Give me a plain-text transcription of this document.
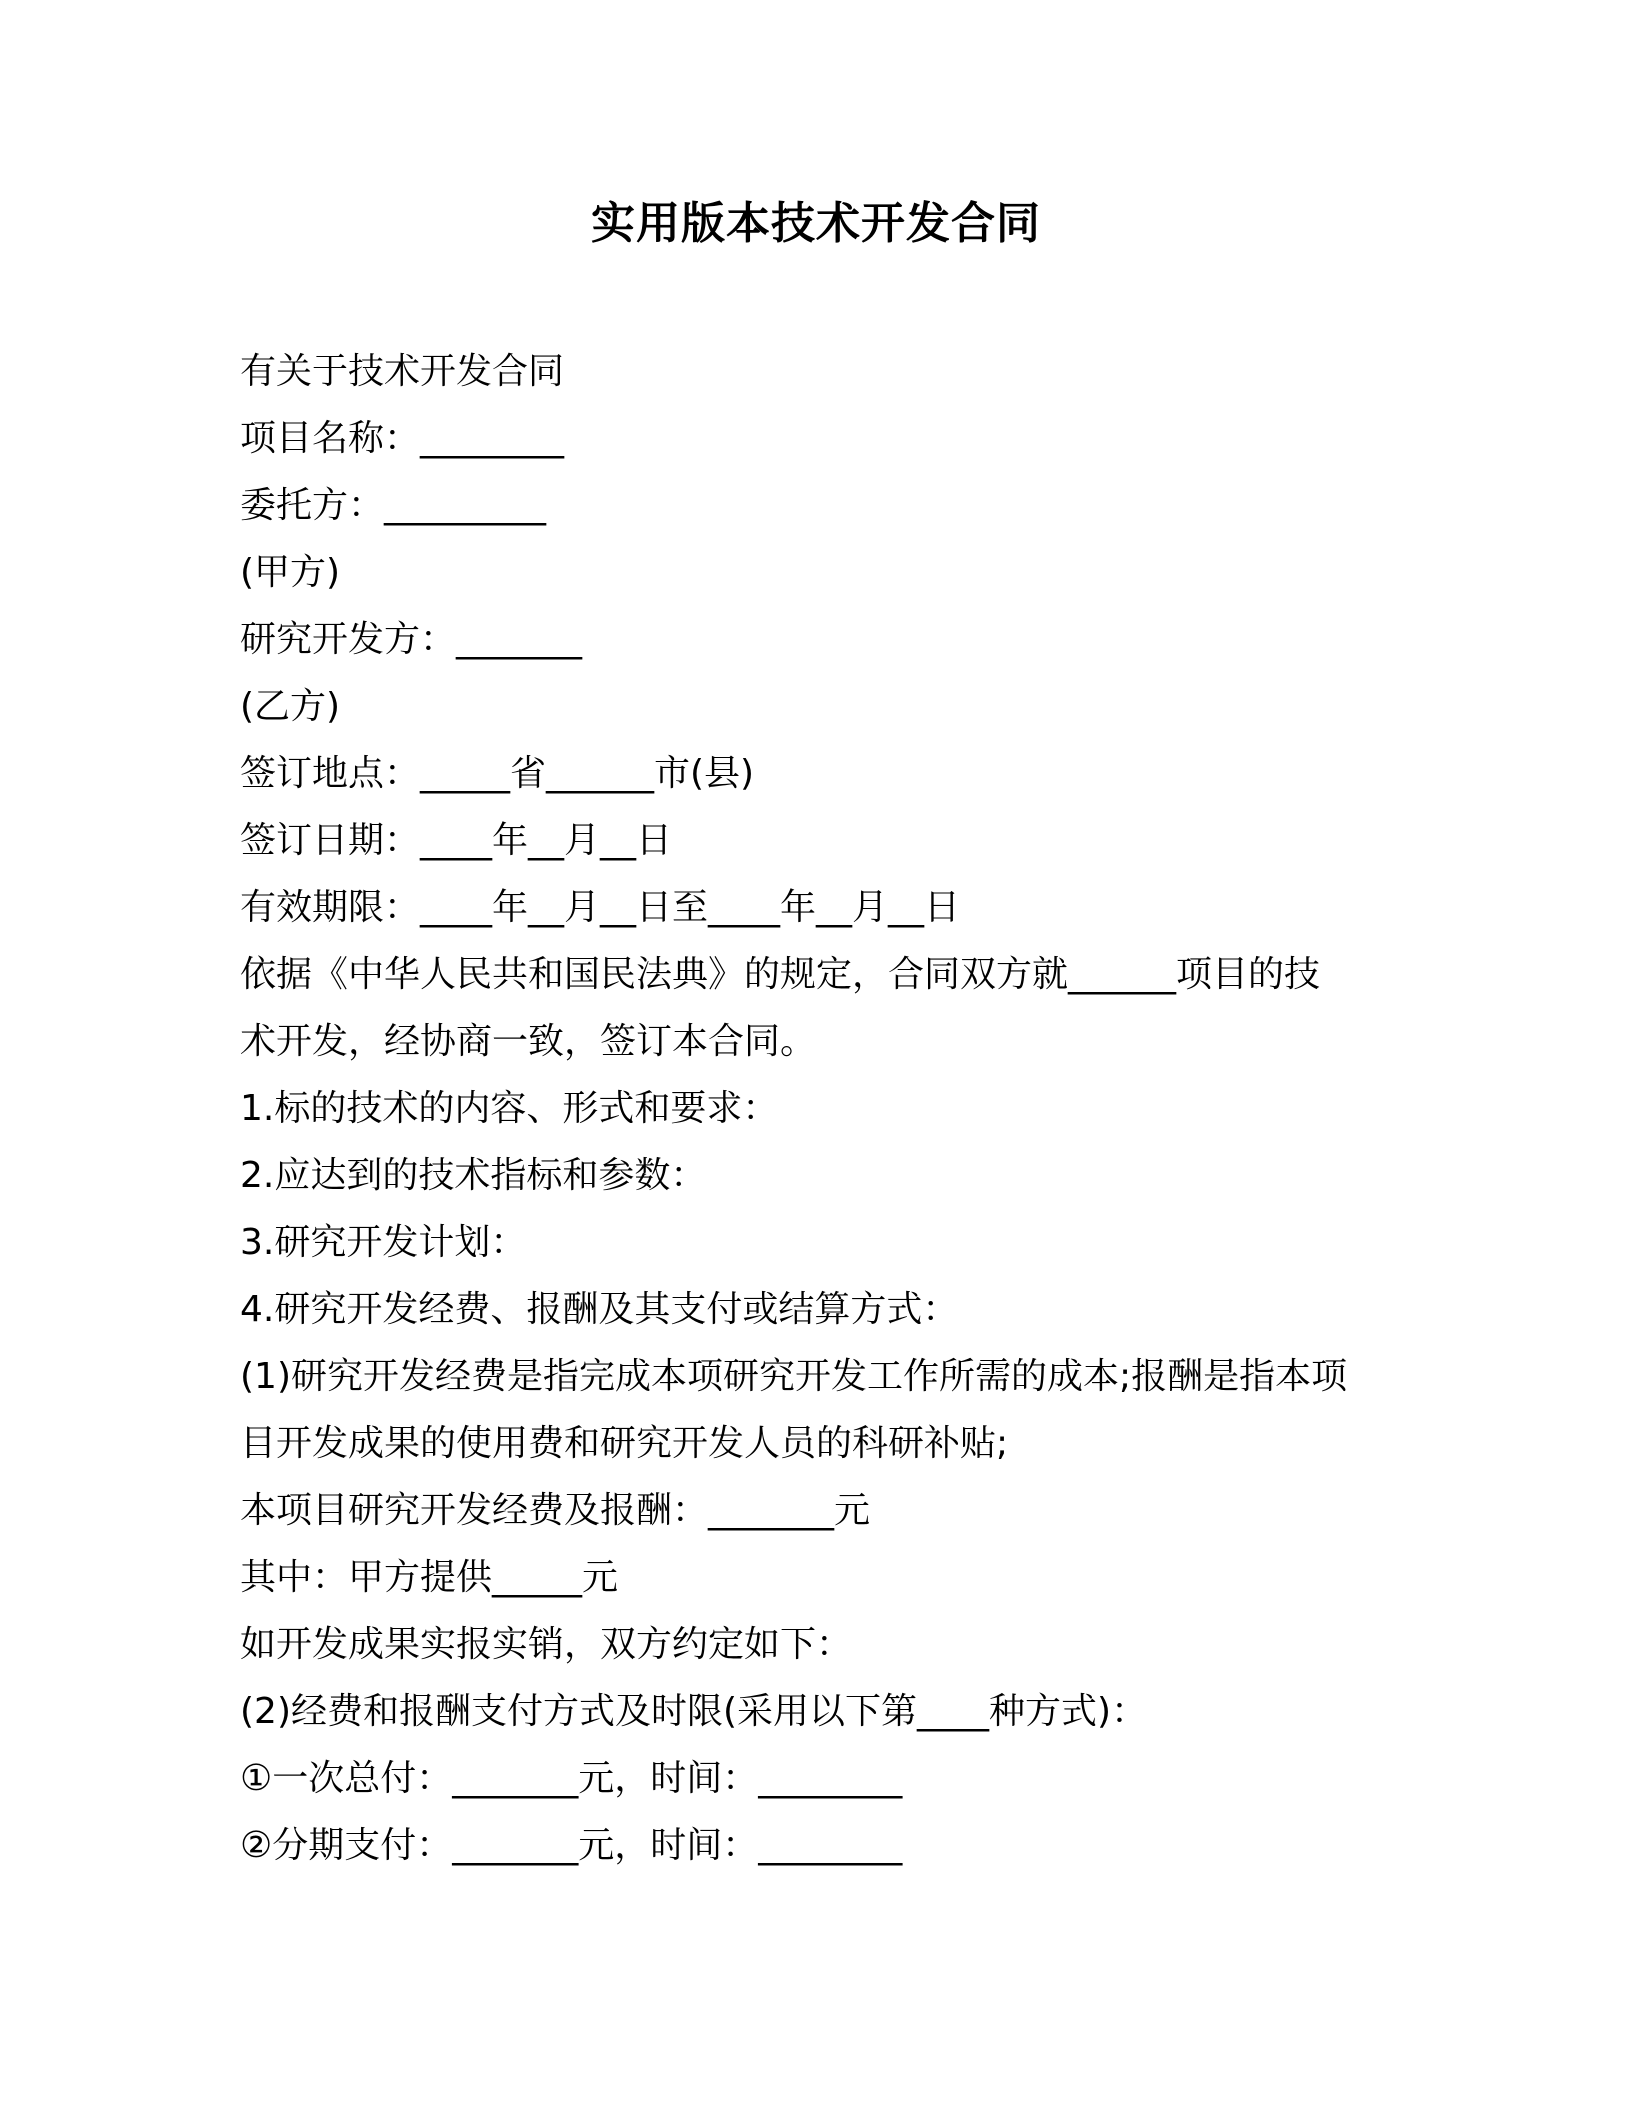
实用版本技术开发合同
有关于技术开发合同
项目名称：________
委托方：_________
(甲方)
研究开发方：_______
(乙方)
签订地点：_____省______市(县)
签订日期：____年__月__日
有效期限：____年__月__日至____年__月__日
依据《中华人民共和国民法典》的规定，合同双方就______项目的技
术开发，经协商一致，签订本合同。
1.标的技术的内容、形式和要求：
2.应达到的技术指标和参数：
3.研究开发计划：
4.研究开发经费、报酬及其支付或结算方式：
(1)研究开发经费是指完成本项研究开发工作所需的成本;报酬是指本项
目开发成果的使用费和研究开发人员的科研补贴;
本项目研究开发经费及报酬：_______元
其中：甲方提供_____元
如开发成果实报实销，双方约定如下：
(2)经费和报酬支付方式及时限(采用以下第____种方式)：
①一次总付：_______元，时间：________
②分期支付：_______元，时间：________
